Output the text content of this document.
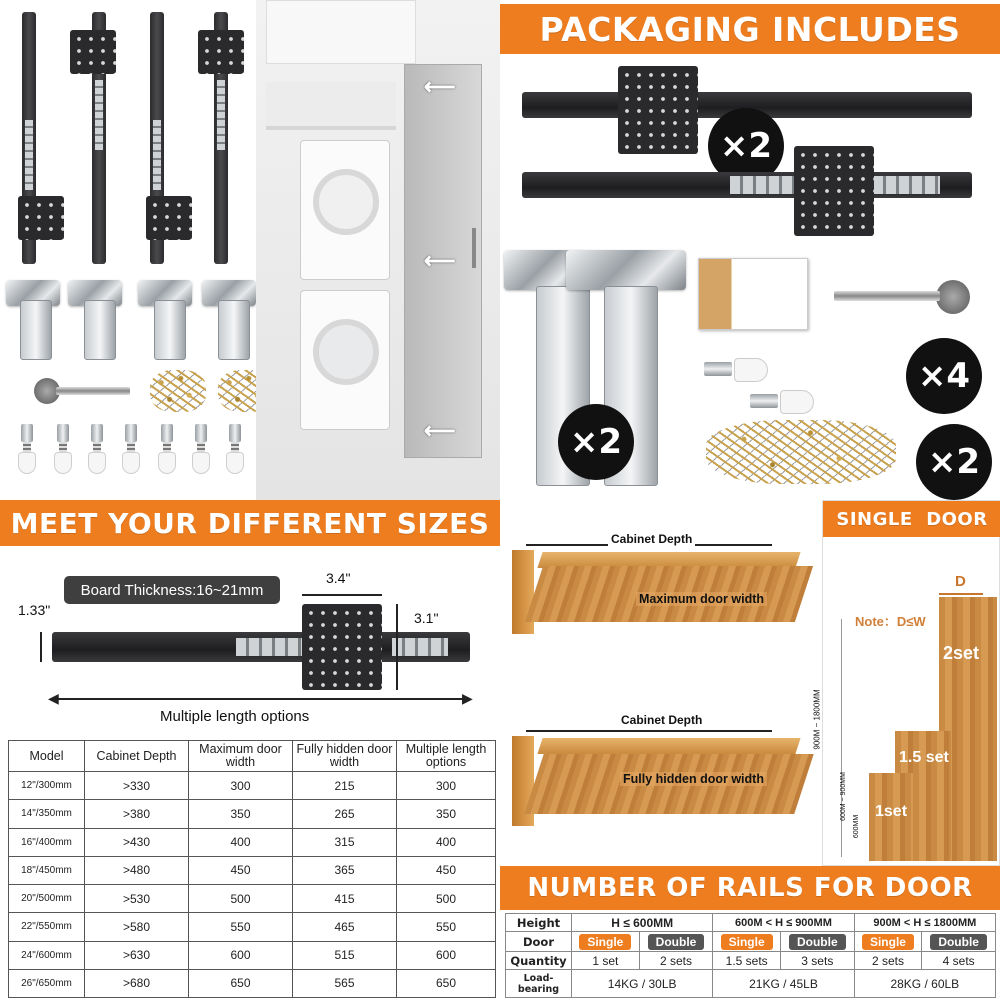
⟵
⟵
⟵
PACKAGING INCLUDES
×2
×2
×4
×2
MEET YOUR DIFFERENT SIZES
Board Thickness:16~21mm
1.33"
3.4"
3.1"
◀	▶
Multiple length options
Model	Cabinet Depth	Maximum door width	Fully hidden door width	Multiple length options
12"/300mm	>330	300	215	300
14"/350mm	>380	350	265	350
16"/400mm	>430	400	315	400
18"/450mm	>480	450	365	450
20"/500mm	>530	500	415	500
22"/550mm	>580	550	465	550
24"/600mm	>630	600	515	600
26"/650mm	>680	650	565	650
Cabinet Depth
Maximum door width
Cabinet Depth
Fully hidden door width
SINGLE  DOOR
D
Note：D≤W
2set
1.5 set
1set
900M ~ 1800MM
600M ~ 900MM
600MM
NUMBER OF RAILS FOR DOOR
Height	H ≤ 600MM		600M < H ≤ 900MM		900M < H ≤ 1800MM	
Door	Single	Double	Single	Double	Single	Double
Quantity	1 set	2 sets	1.5 sets	3 sets	2 sets	4 sets
Load-bearing	14KG / 30LB		21KG / 45LB		28KG / 60LB	
